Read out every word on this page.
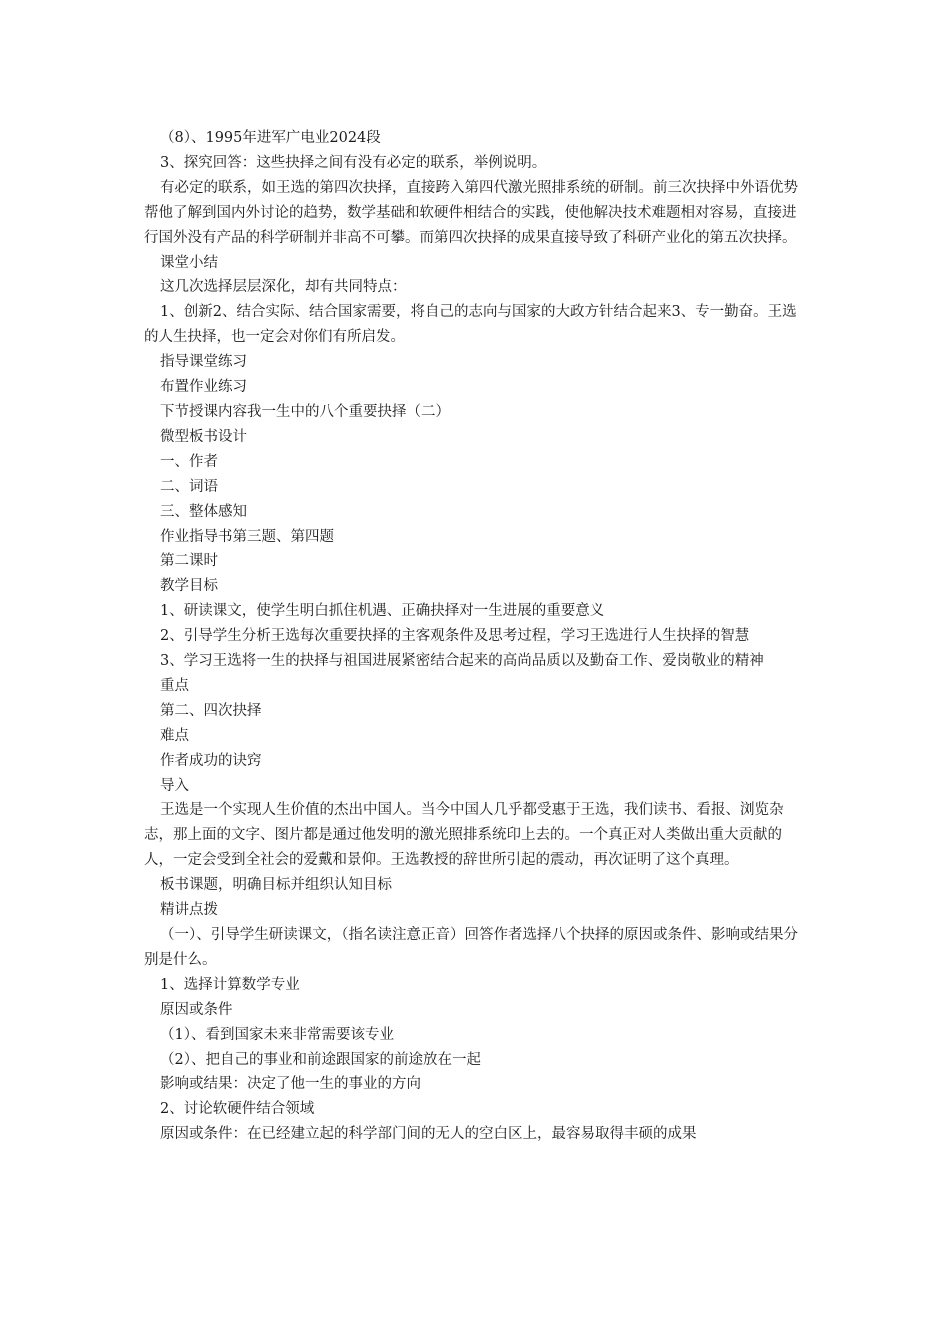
（8）、1995年进军广电业2024段

3、探究回答：这些抉择之间有没有必定的联系，举例说明。

有必定的联系，如王选的第四次抉择，直接跨入第四代激光照排系统的研制。前三次抉择中外语优势帮他了解到国内外讨论的趋势，数学基础和软硬件相结合的实践，使他解决技术难题相对容易，直接进行国外没有产品的科学研制并非高不可攀。而第四次抉择的成果直接导致了科研产业化的第五次抉择。

课堂小结

这几次选择层层深化，却有共同特点：

1、创新2、结合实际、结合国家需要，将自己的志向与国家的大政方针结合起来3、专一勤奋。王选的人生抉择，也一定会对你们有所启发。

指导课堂练习

布置作业练习

下节授课内容我一生中的八个重要抉择（二）

微型板书设计

一、作者

二、词语

三、整体感知

作业指导书第三题、第四题

第二课时

教学目标

1、研读课文，使学生明白抓住机遇、正确抉择对一生进展的重要意义

2、引导学生分析王选每次重要抉择的主客观条件及思考过程，学习王选进行人生抉择的智慧

3、学习王选将一生的抉择与祖国进展紧密结合起来的高尚品质以及勤奋工作、爱岗敬业的精神

重点

第二、四次抉择

难点

作者成功的诀窍

导入

王选是一个实现人生价值的杰出中国人。当今中国人几乎都受惠于王选，我们读书、看报、浏览杂志，那上面的文字、图片都是通过他发明的激光照排系统印上去的。一个真正对人类做出重大贡献的人，一定会受到全社会的爱戴和景仰。王选教授的辞世所引起的震动，再次证明了这个真理。

板书课题，明确目标并组织认知目标

精讲点拨

（一）、引导学生研读课文，（指名读注意正音）回答作者选择八个抉择的原因或条件、影响或结果分别是什么。

1、选择计算数学专业

原因或条件

（1）、看到国家未来非常需要该专业

（2）、把自己的事业和前途跟国家的前途放在一起

影响或结果：决定了他一生的事业的方向

2、讨论软硬件结合领域

原因或条件：在已经建立起的科学部门间的无人的空白区上，最容易取得丰硕的成果
